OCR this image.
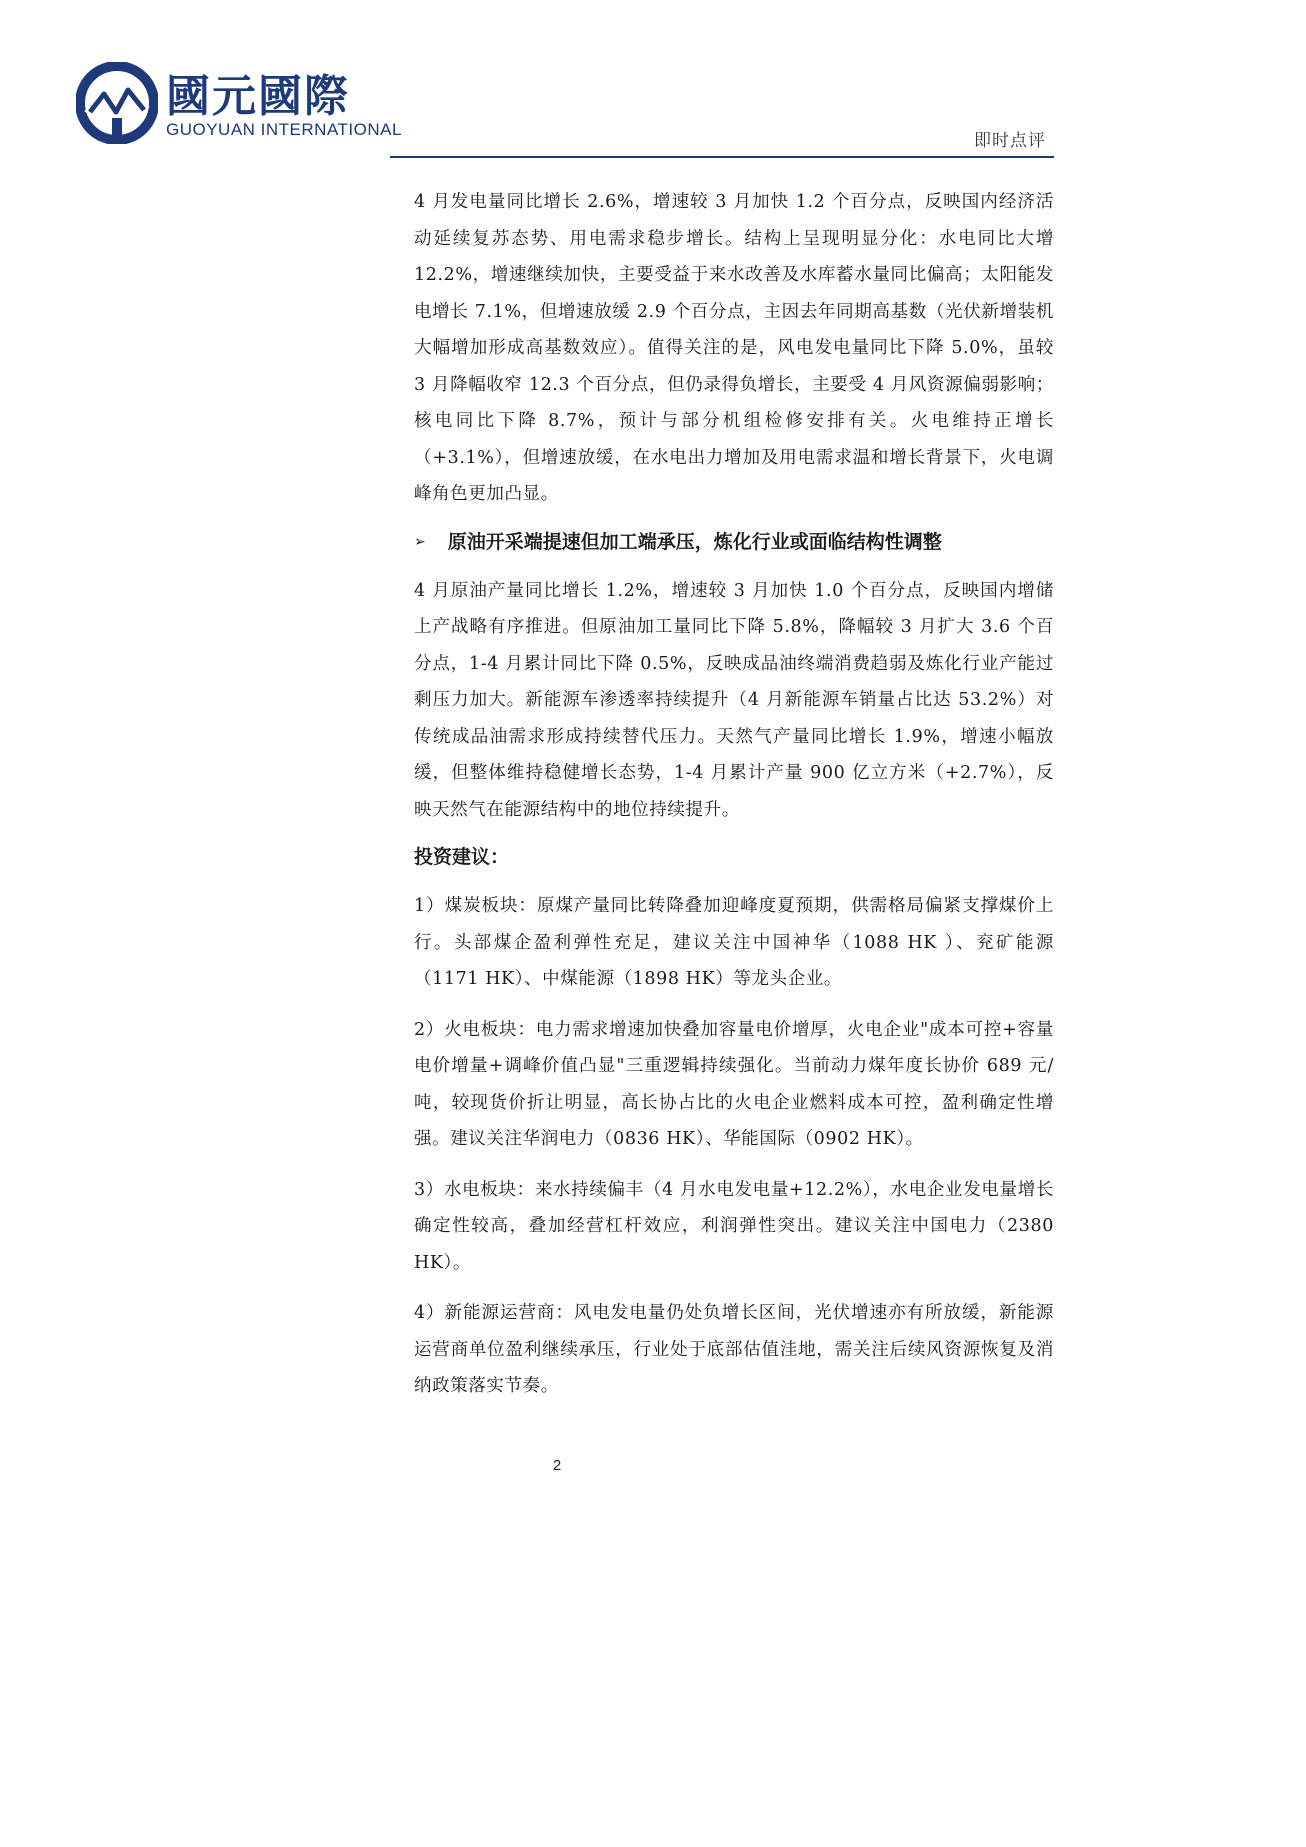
國元國際
GUOYUAN INTERNATIONAL
即时点评

4 月发电量同比增长 2.6%，增速较 3 月加快 1.2 个百分点，反映国内经济活动延续复苏态势、用电需求稳步增长。结构上呈现明显分化：水电同比大增 12.2%，增速继续加快，主要受益于来水改善及水库蓄水量同比偏高；太阳能发电增长 7.1%，但增速放缓 2.9 个百分点，主因去年同期高基数（光伏新增装机大幅增加形成高基数效应）。值得关注的是，风电发电量同比下降 5.0%，虽较 3 月降幅收窄 12.3 个百分点，但仍录得负增长，主要受 4 月风资源偏弱影响；核电同比下降 8.7%，预计与部分机组检修安排有关。火电维持正增长（+3.1%），但增速放缓，在水电出力增加及用电需求温和增长背景下，火电调峰角色更加凸显。

➢ 原油开采端提速但加工端承压，炼化行业或面临结构性调整

4 月原油产量同比增长 1.2%，增速较 3 月加快 1.0 个百分点，反映国内增储上产战略有序推进。但原油加工量同比下降 5.8%，降幅较 3 月扩大 3.6 个百分点，1-4 月累计同比下降 0.5%，反映成品油终端消费趋弱及炼化行业产能过剩压力加大。新能源车渗透率持续提升（4 月新能源车销量占比达 53.2%）对传统成品油需求形成持续替代压力。天然气产量同比增长 1.9%，增速小幅放缓，但整体维持稳健增长态势，1-4 月累计产量 900 亿立方米（+2.7%），反映天然气在能源结构中的地位持续提升。

投资建议：

1）煤炭板块：原煤产量同比转降叠加迎峰度夏预期，供需格局偏紧支撑煤价上行。头部煤企盈利弹性充足，建议关注中国神华（1088 HK ）、兖矿能源（1171 HK）、中煤能源（1898 HK）等龙头企业。

2）火电板块：电力需求增速加快叠加容量电价增厚，火电企业"成本可控+容量电价增量+调峰价值凸显"三重逻辑持续强化。当前动力煤年度长协价 689 元/吨，较现货价折让明显，高长协占比的火电企业燃料成本可控，盈利确定性增强。建议关注华润电力（0836 HK）、华能国际（0902 HK）。

3）水电板块：来水持续偏丰（4 月水电发电量+12.2%），水电企业发电量增长确定性较高，叠加经营杠杆效应，利润弹性突出。建议关注中国电力（2380 HK）。

4）新能源运营商：风电发电量仍处负增长区间，光伏增速亦有所放缓，新能源运营商单位盈利继续承压，行业处于底部估值洼地，需关注后续风资源恢复及消纳政策落实节奏。

2
